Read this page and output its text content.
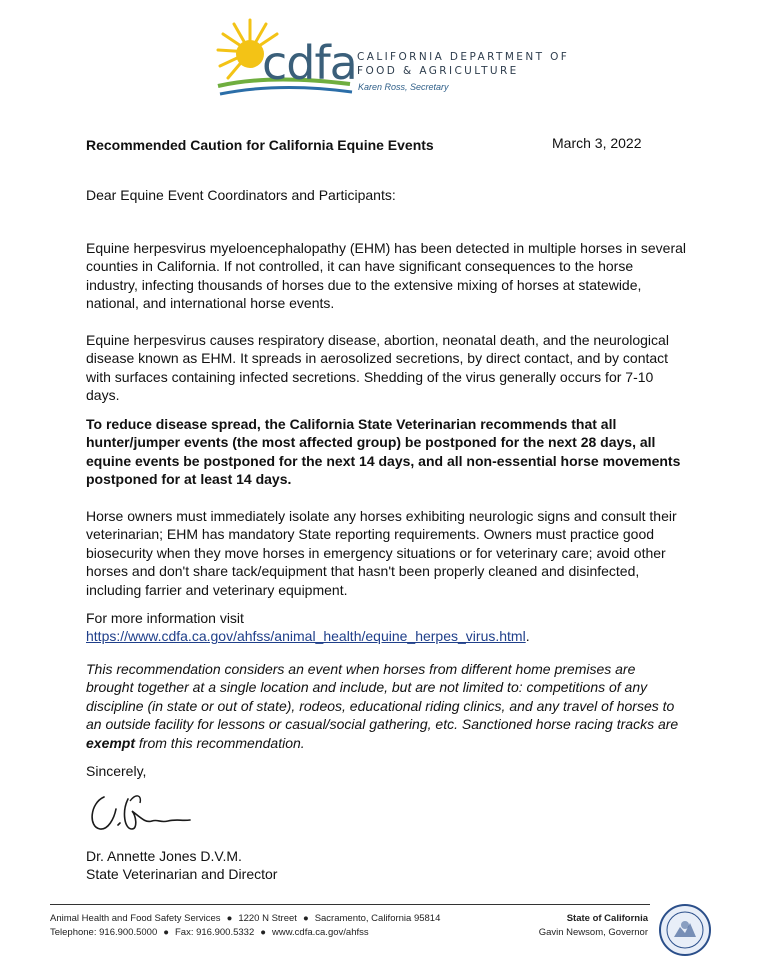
cdfa CALIFORNIA DEPARTMENT OF
FOOD & AGRICULTURE
Karen Ross, Secretary
Recommended Caution for California Equine Events	March 3, 2022
Dear Equine Event Coordinators and Participants:
Equine herpesvirus myeloencephalopathy (EHM) has been detected in multiple horses in several counties in California. If not controlled, it can have significant consequences to the horse industry, infecting thousands of horses due to the extensive mixing of horses at statewide, national, and international horse events.
Equine herpesvirus causes respiratory disease, abortion, neonatal death, and the neurological disease known as EHM. It spreads in aerosolized secretions, by direct contact, and by contact with surfaces containing infected secretions. Shedding of the virus generally occurs for 7-10 days.
To reduce disease spread, the California State Veterinarian recommends that all hunter/jumper events (the most affected group) be postponed for the next 28 days, all equine events be postponed for the next 14 days, and all non-essential horse movements postponed for at least 14 days.
Horse owners must immediately isolate any horses exhibiting neurologic signs and consult their veterinarian; EHM has mandatory State reporting requirements. Owners must practice good biosecurity when they move horses in emergency situations or for veterinary care; avoid other horses and don't share tack/equipment that hasn't been properly cleaned and disinfected, including farrier and veterinary equipment.
For more information visit https://www.cdfa.ca.gov/ahfss/animal_health/equine_herpes_virus.html.
This recommendation considers an event when horses from different home premises are brought together at a single location and include, but are not limited to: competitions of any discipline (in state or out of state), rodeos, educational riding clinics, and any travel of horses to an outside facility for lessons or casual/social gathering, etc. Sanctioned horse racing tracks are exempt from this recommendation.
Sincerely,
Dr. Annette Jones D.V.M.
State Veterinarian and Director
Animal Health and Food Safety Services ● 1220 N Street ● Sacramento, California 95814
Telephone: 916.900.5000 ● Fax: 916.900.5332 ● www.cdfa.ca.gov/ahfss
State of California
Gavin Newsom, Governor
